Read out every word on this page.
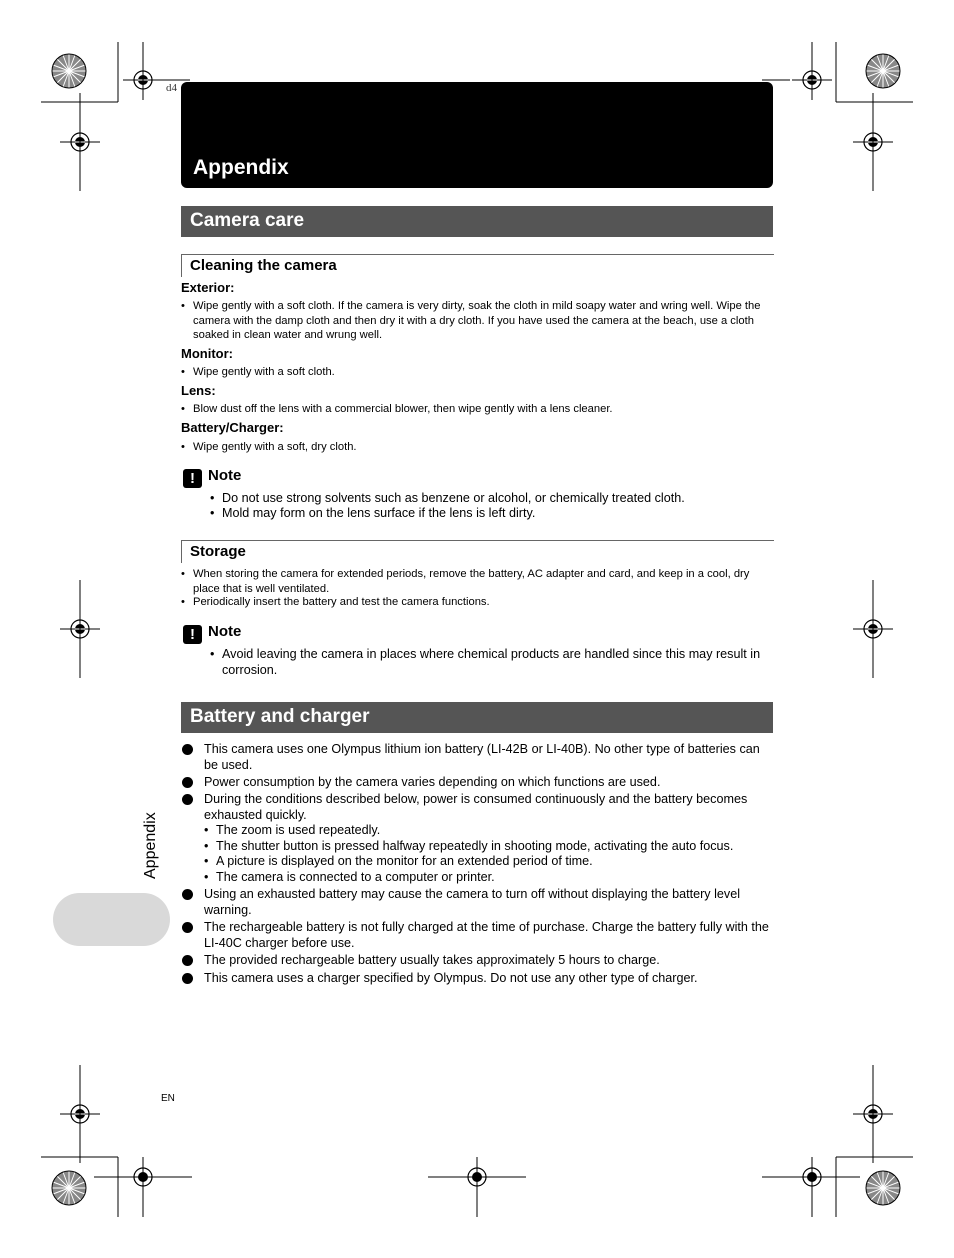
d4
Appendix
Camera care
Cleaning the camera
Exterior:
• Wipe gently with a soft cloth. If the camera is very dirty, soak the cloth in mild soapy water and wring well. Wipe the camera with the damp cloth and then dry it with a dry cloth. If you have used the camera at the beach, use a cloth soaked in clean water and wrung well.
Monitor:
• Wipe gently with a soft cloth.
Lens:
• Blow dust off the lens with a commercial blower, then wipe gently with a lens cleaner.
Battery/Charger:
• Wipe gently with a soft, dry cloth.
! Note
• Do not use strong solvents such as benzene or alcohol, or chemically treated cloth.
• Mold may form on the lens surface if the lens is left dirty.
Storage
• When storing the camera for extended periods, remove the battery, AC adapter and card, and keep in a cool, dry place that is well ventilated.
• Periodically insert the battery and test the camera functions.
! Note
• Avoid leaving the camera in places where chemical products are handled since this may result in corrosion.
Battery and charger
This camera uses one Olympus lithium ion battery (LI-42B or LI-40B). No other type of batteries can be used.
Power consumption by the camera varies depending on which functions are used.
During the conditions described below, power is consumed continuously and the battery becomes exhausted quickly.
• The zoom is used repeatedly.
• The shutter button is pressed halfway repeatedly in shooting mode, activating the auto focus.
• A picture is displayed on the monitor for an extended period of time.
• The camera is connected to a computer or printer.
Using an exhausted battery may cause the camera to turn off without displaying the battery level warning.
The rechargeable battery is not fully charged at the time of purchase. Charge the battery fully with the LI-40C charger before use.
The provided rechargeable battery usually takes approximately 5 hours to charge.
This camera uses a charger specified by Olympus. Do not use any other type of charger.
Appendix
EN
